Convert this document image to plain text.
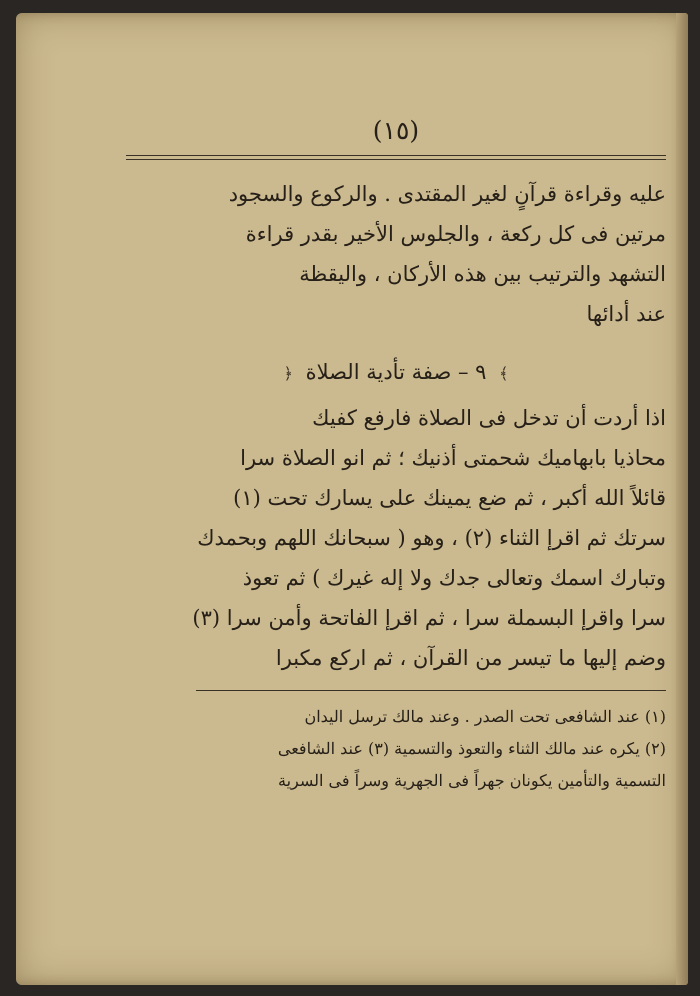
(١٥)
عليه وقراءة قرآنٍ لغير المقتدى . والركوع والسجود
مرتين فى كل ركعة ، والجلوس الأخير بقدر قراءة
التشهد والترتيب بين هذه الأركان ، واليقظة
عند أدائها
﴾ ٩ – صفة تأدية الصلاة ﴿
اذا أردت أن تدخل فى الصلاة فارفع كفيك
محاذيا بابهاميك شحمتى أذنيك ؛ ثم انو الصلاة سرا
قائلاً الله أكبر ، ثم ضع يمينك على يسارك تحت (١)
سرتك ثم اقرإ الثناء (٢) ، وهو ( سبحانك اللهم وبحمدك
وتبارك اسمك وتعالى جدك ولا إله غيرك ) ثم تعوذ
سرا واقرإ البسملة سرا ، ثم اقرإ الفاتحة وأمن سرا (٣)
وضم إليها ما تيسر من القرآن ، ثم اركع مكبرا
(١) عند الشافعى تحت الصدر . وعند مالك ترسل اليدان
(٢) يكره عند مالك الثناء والتعوذ والتسمية (٣) عند الشافعى
التسمية والتأمين يكونان جهراً فى الجهرية وسراً فى السرية
